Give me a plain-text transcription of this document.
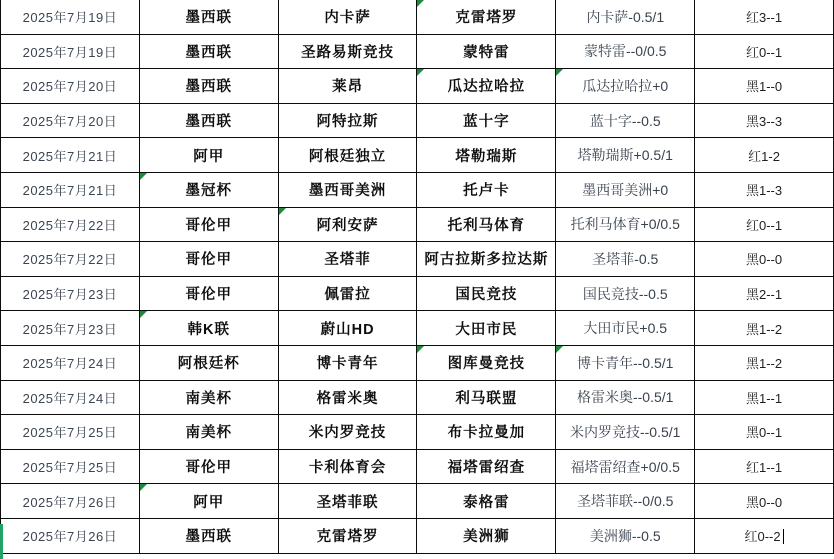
2025年7月19日	墨西联	内卡萨	克雷塔罗	内卡萨-0.5/1	红3--1
2025年7月19日	墨西联	圣路易斯竞技	蒙特雷	蒙特雷--0/0.5	红0--1
2025年7月20日	墨西联	莱昂	瓜达拉哈拉	瓜达拉哈拉+0	黑1--0
2025年7月20日	墨西联	阿特拉斯	蓝十字	蓝十字--0.5	黑3--3
2025年7月21日	阿甲	阿根廷独立	塔勒瑞斯	塔勒瑞斯+0.5/1	红1-2
2025年7月21日	墨冠杯	墨西哥美洲	托卢卡	墨西哥美洲+0	黑1--3
2025年7月22日	哥伦甲	阿利安萨	托利马体育	托利马体育+0/0.5	红0--1
2025年7月22日	哥伦甲	圣塔菲	阿古拉斯多拉达斯	圣塔菲-0.5	黑0--0
2025年7月23日	哥伦甲	佩雷拉	国民竞技	国民竞技--0.5	黑2--1
2025年7月23日	韩K联	蔚山HD	大田市民	大田市民+0.5	黑1--2
2025年7月24日	阿根廷杯	博卡青年	图库曼竞技	博卡青年--0.5/1	黑1--2
2025年7月24日	南美杯	格雷米奥	利马联盟	格雷米奥--0.5/1	黑1--1
2025年7月25日	南美杯	米内罗竞技	布卡拉曼加	米内罗竞技--0.5/1	黑0--1
2025年7月25日	哥伦甲	卡利体育会	福塔雷绍查	福塔雷绍查+0/0.5	红1--1
2025年7月26日	阿甲	圣塔菲联	泰格雷	圣塔菲联--0/0.5	黑0--0
2025年7月26日	墨西联	克雷塔罗	美洲狮	美洲狮--0.5	红0--2
